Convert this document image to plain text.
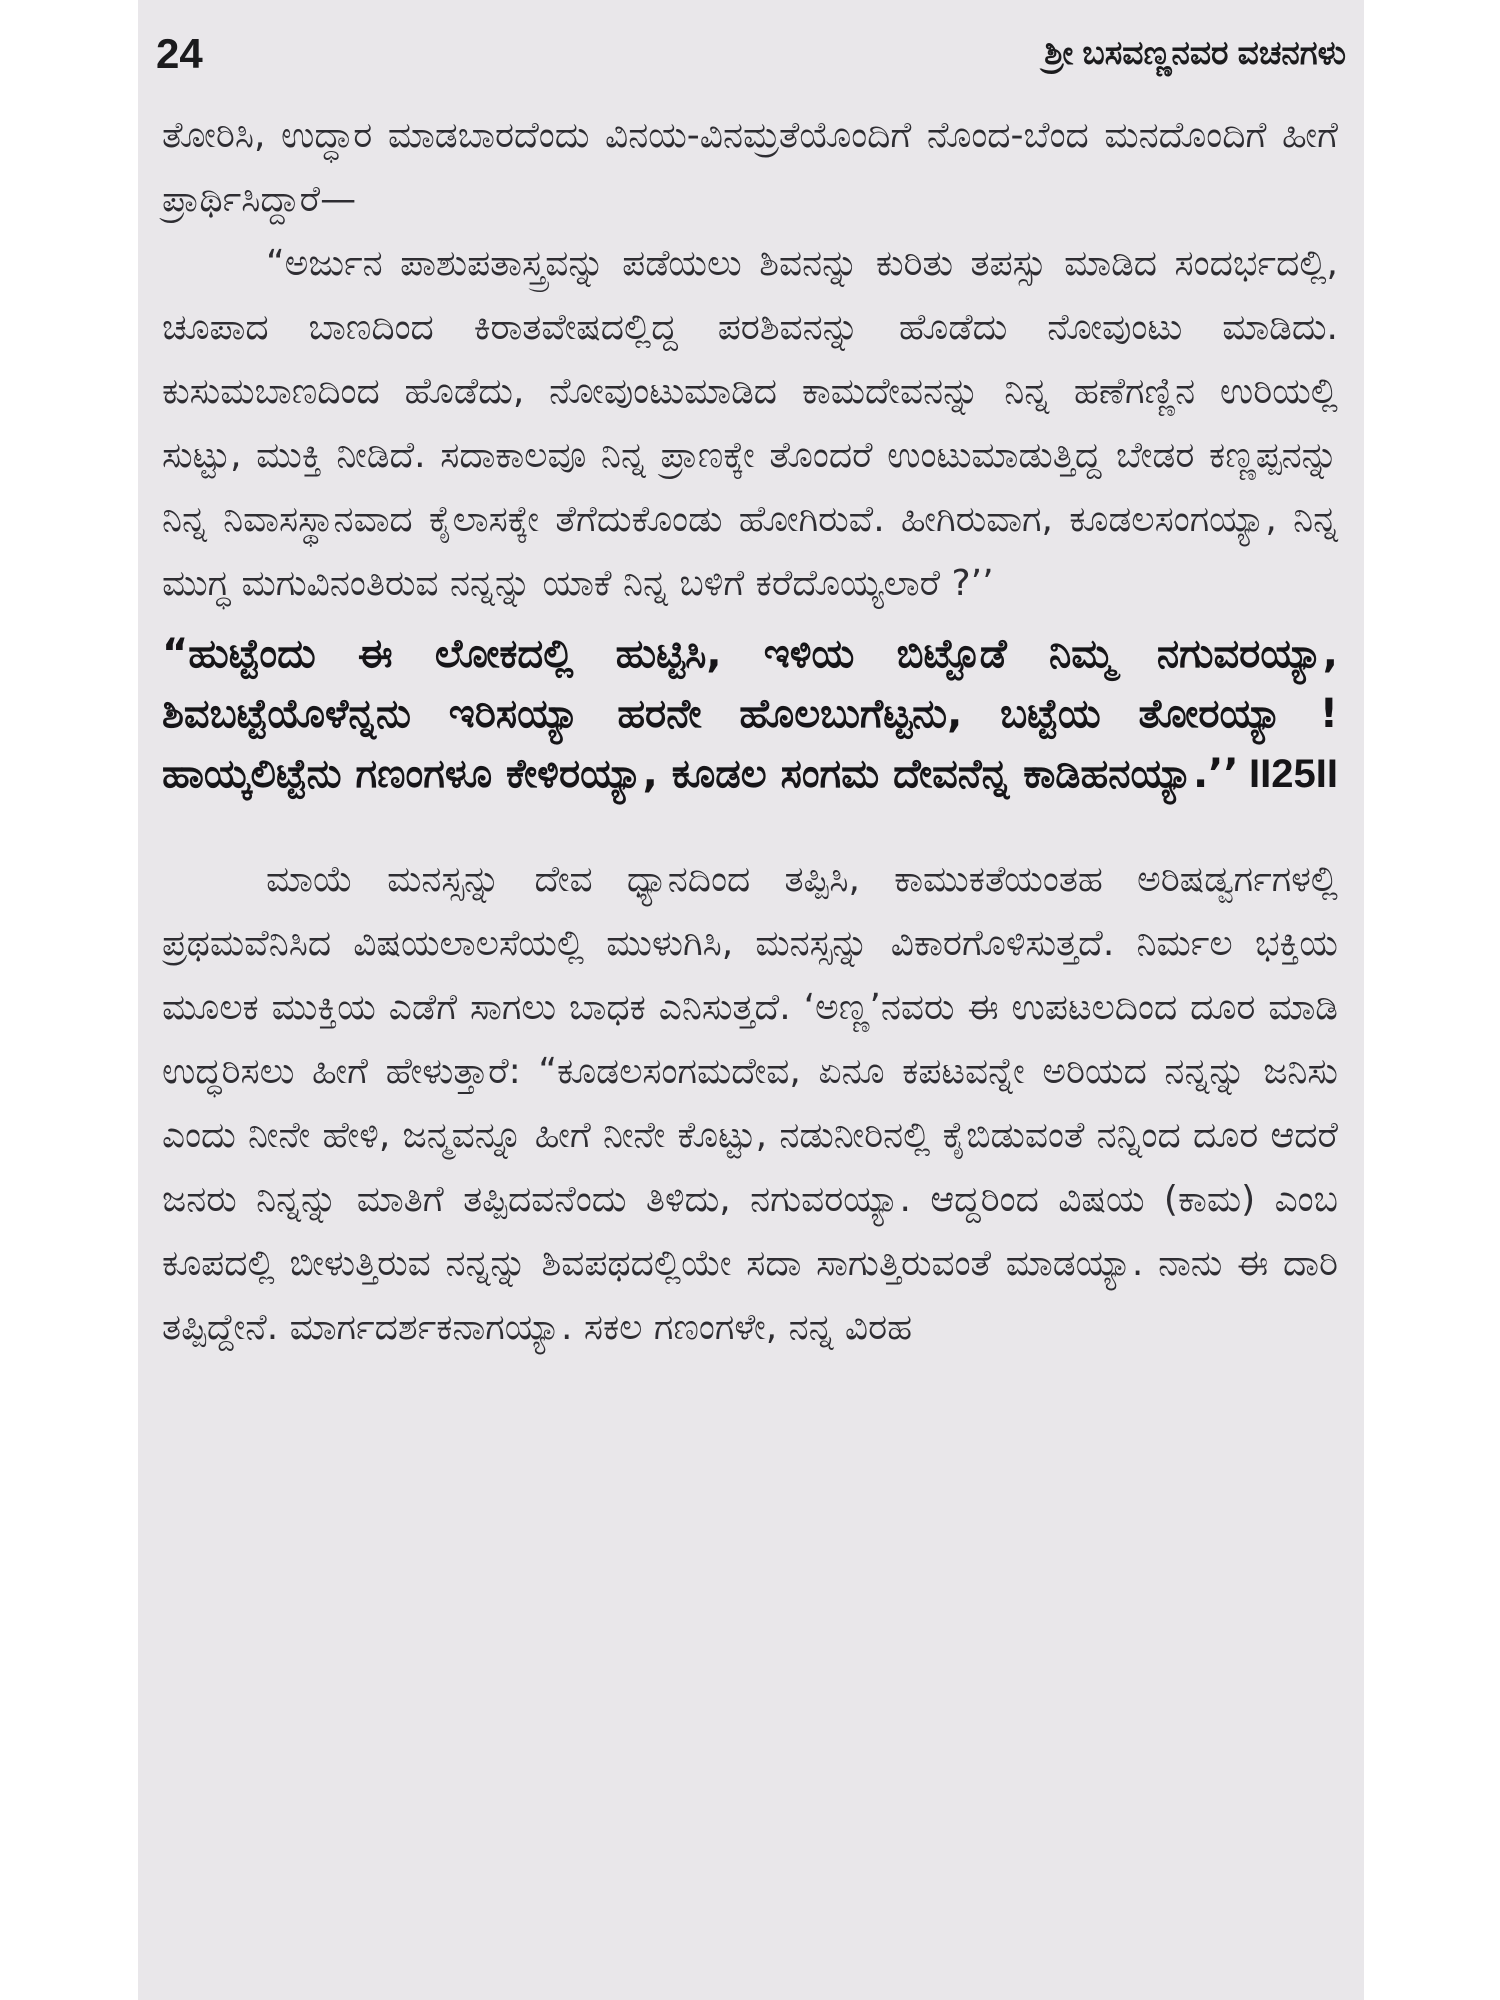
24	ಶ್ರೀ ಬಸವಣ್ಣನವರ ವಚನಗಳು

ತೋರಿಸಿ, ಉದ್ಧಾರ ಮಾಡಬಾರದೆಂದು ವಿನಯ-ವಿನಮ್ರತೆಯೊಂದಿಗೆ ನೊಂದ-ಬೆಂದ ಮನದೊಂದಿಗೆ ಹೀಗೆ ಪ್ರಾರ್ಥಿಸಿದ್ದಾರೆ—

“ಅರ್ಜುನ ಪಾಶುಪತಾಸ್ತ್ರವನ್ನು ಪಡೆಯಲು ಶಿವನನ್ನು ಕುರಿತು ತಪಸ್ಸು ಮಾಡಿದ ಸಂದರ್ಭದಲ್ಲಿ, ಚೂಪಾದ ಬಾಣದಿಂದ ಕಿರಾತವೇಷದಲ್ಲಿದ್ದ ಪರಶಿವನನ್ನು ಹೊಡೆದು ನೋವುಂಟು ಮಾಡಿದು. ಕುಸುಮಬಾಣದಿಂದ ಹೊಡೆದು, ನೋವುಂಟುಮಾಡಿದ ಕಾಮದೇವನನ್ನು ನಿನ್ನ ಹಣೆಗಣ್ಣಿನ ಉರಿಯಲ್ಲಿ ಸುಟ್ಟು, ಮುಕ್ತಿ ನೀಡಿದೆ. ಸದಾಕಾಲವೂ ನಿನ್ನ ಪ್ರಾಣಕ್ಕೇ ತೊಂದರೆ ಉಂಟುಮಾಡುತ್ತಿದ್ದ ಬೇಡರ ಕಣ್ಣಪ್ಪನನ್ನು ನಿನ್ನ ನಿವಾಸಸ್ಥಾನವಾದ ಕೈಲಾಸಕ್ಕೇ ತೆಗೆದುಕೊಂಡು ಹೋಗಿರುವೆ. ಹೀಗಿರುವಾಗ, ಕೂಡಲಸಂಗಯ್ಯಾ, ನಿನ್ನ ಮುಗ್ಧ ಮಗುವಿನಂತಿರುವ ನನ್ನನ್ನು ಯಾಕೆ ನಿನ್ನ ಬಳಿಗೆ ಕರೆದೊಯ್ಯಲಾರೆ ?’’

“ಹುಟ್ಟೆಂದು ಈ ಲೋಕದಲ್ಲಿ ಹುಟ್ಟಿಸಿ, ಇಳಿಯ ಬಿಟ್ಟೊಡೆ ನಿಮ್ಮ ನಗುವರಯ್ಯಾ, ಶಿವಬಟ್ಟೆಯೊಳೆನ್ನನು ಇರಿಸಯ್ಯಾ ಹರನೇ ಹೊಲಬುಗೆಟ್ಟನು, ಬಟ್ಟೆಯ ತೋರಯ್ಯಾ ! ಹಾಯ್ಕಲಿಟ್ಟೆನು ಗಣಂಗಳೂ ಕೇಳಿರಯ್ಯಾ, ಕೂಡಲ ಸಂಗಮ ದೇವನೆನ್ನ ಕಾಡಿಹನಯ್ಯಾ.’’ II25II

ಮಾಯೆ ಮನಸ್ಸನ್ನು ದೇವ ಧ್ಯಾನದಿಂದ ತಪ್ಪಿಸಿ, ಕಾಮುಕತೆಯಂತಹ ಅರಿಷಡ್ವರ್ಗಗಳಲ್ಲಿ ಪ್ರಥಮವೆನಿಸಿದ ವಿಷಯಲಾಲಸೆಯಲ್ಲಿ ಮುಳುಗಿಸಿ, ಮನಸ್ಸನ್ನು ವಿಕಾರಗೊಳಿಸುತ್ತದೆ. ನಿರ್ಮಲ ಭಕ್ತಿಯ ಮೂಲಕ ಮುಕ್ತಿಯ ಎಡೆಗೆ ಸಾಗಲು ಬಾಧಕ ಎನಿಸುತ್ತದೆ. ‘ಅಣ್ಣ’ನವರು ಈ ಉಪಟಲದಿಂದ ದೂರ ಮಾಡಿ ಉದ್ಧರಿಸಲು ಹೀಗೆ ಹೇಳುತ್ತಾರೆ: “ಕೂಡಲಸಂಗಮದೇವ, ಏನೂ ಕಪಟವನ್ನೇ ಅರಿಯದ ನನ್ನನ್ನು ಜನಿಸು ಎಂದು ನೀನೇ ಹೇಳಿ, ಜನ್ಮವನ್ನೂ ಹೀಗೆ ನೀನೇ ಕೊಟ್ಟು, ನಡುನೀರಿನಲ್ಲಿ ಕೈಬಿಡುವಂತೆ ನನ್ನಿಂದ ದೂರ ಆದರೆ ಜನರು ನಿನ್ನನ್ನು ಮಾತಿಗೆ ತಪ್ಪಿದವನೆಂದು ತಿಳಿದು, ನಗುವರಯ್ಯಾ. ಆದ್ದರಿಂದ ವಿಷಯ (ಕಾಮ) ಎಂಬ ಕೂಪದಲ್ಲಿ ಬೀಳುತ್ತಿರುವ ನನ್ನನ್ನು ಶಿವಪಥದಲ್ಲಿಯೇ ಸದಾ ಸಾಗುತ್ತಿರುವಂತೆ ಮಾಡಯ್ಯಾ. ನಾನು ಈ ದಾರಿ ತಪ್ಪಿದ್ದೇನೆ. ಮಾರ್ಗದರ್ಶಕನಾಗಯ್ಯಾ. ಸಕಲ ಗಣಂಗಳೇ, ನನ್ನ ವಿರಹ
